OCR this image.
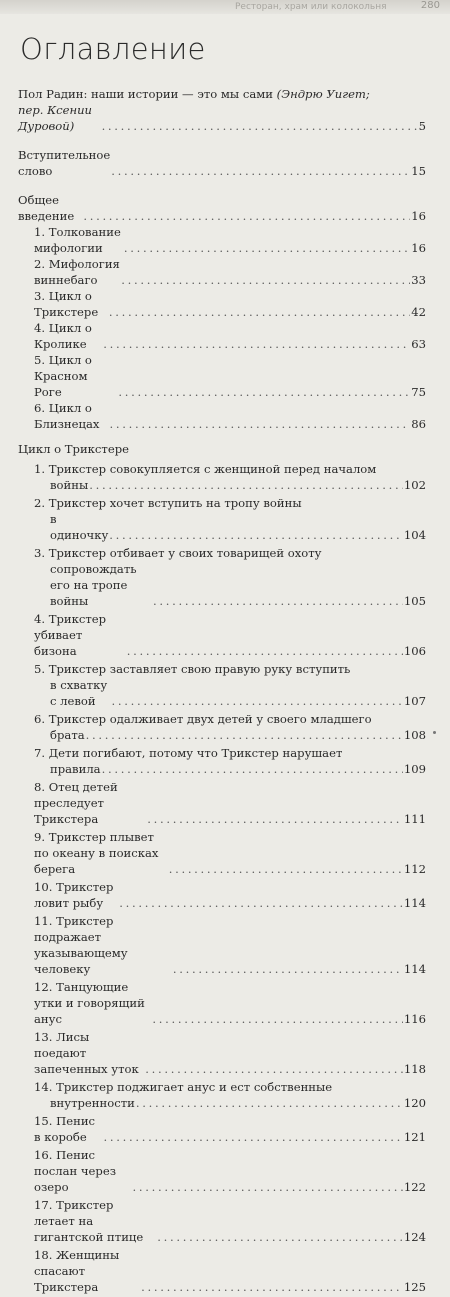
Ресторан, храм или колокольня	280
Оглавление
Пол Радин: наши истории — это мы сами (Эндрю Уигет;
пер. Ксении Дуровой) . . .	5
Вступительное слово . . .	15
Общее введение . . .	16
1. Толкование мифологии . . .	16
2. Мифология виннебаго . . .	33
3. Цикл о Трикстере . . .	42
4. Цикл о Кролике . . .	63
5. Цикл о Красном Роге . . .	75
6. Цикл о Близнецах . . .	86
Цикл о Трикстере
1. Трикстер совокупляется с женщиной перед началом
войны . . .	102
2. Трикстер хочет вступить на тропу войны
в одиночку . . .	104
3. Трикстер отбивает у своих товарищей охоту
сопровождать его на тропе войны . . .	105
4. Трикстер убивает бизона . . .	106
5. Трикстер заставляет свою правую руку вступить
в схватку с левой . . .	107
6. Трикстер одалживает двух детей у своего младшего
брата . . .	108
7. Дети погибают, потому что Трикстер нарушает
правила . . .	109
8. Отец детей преследует Трикстера . . .	111
9. Трикстер плывет по океану в поисках берега . . .	112
10. Трикстер ловит рыбу . . .	114
11. Трикстер подражает указывающему человеку . . .	114
12. Танцующие утки и говорящий анус . . .	116
13. Лисы поедают запеченных уток . . .	118
14. Трикстер поджигает анус и ест собственные
внутренности . . .	120
15. Пенис в коробе . . .	121
16. Пенис послан через озеро . . .	122
17. Трикстер летает на гигантской птице . . .	124
18. Женщины спасают Трикстера . . .	125
